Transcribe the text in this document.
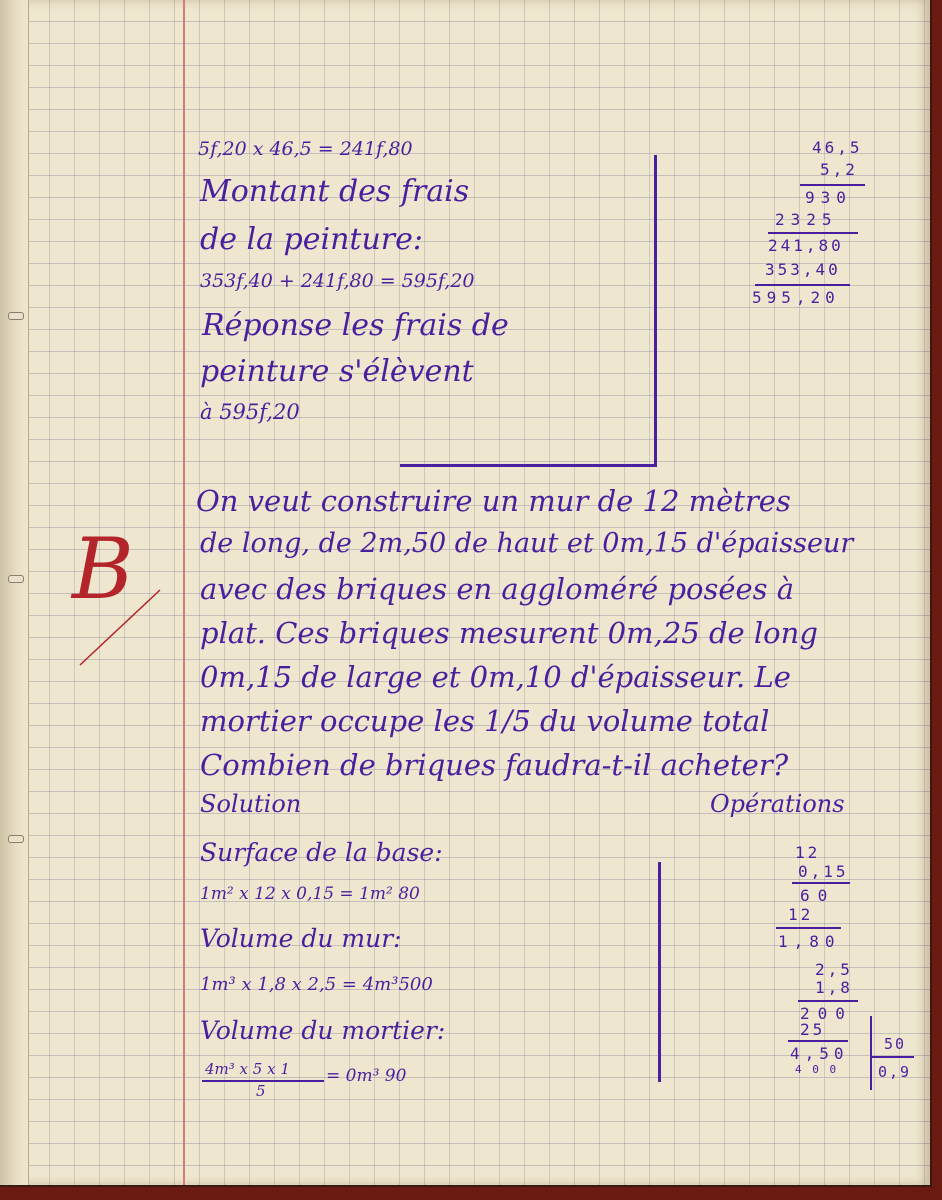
5f,20 x 46,5 = 241f,80
Montant des frais
de la peinture:
353f,40 + 241f,80 = 595f,20
Réponse les frais de
peinture s'élèvent
à 595f,20
46,5
5,2
930
2325
241,80
353,40
595,20
On veut construire un mur de 12 mètres
de long, de 2m,50 de haut et 0m,15 d'épaisseur
avec des briques en aggloméré posées à
plat. Ces briques mesurent 0m,25 de long
0m,15 de large et 0m,10 d'épaisseur. Le
mortier occupe les 1/5 du volume total
Combien de briques faudra-t-il acheter?
Solution	Opérations
Surface de la base:
1m² x 12 x 0,15 = 1m² 80
Volume du mur:
1m³ x 1,8 x 2,5 = 4m³500
Volume du mortier:
4m³ x 5 x 1
5
= 0m³ 90
12
0,15
60
12
1,80
2,5
1,8
200
25
4,50
4 0 0
50
0,9
B
